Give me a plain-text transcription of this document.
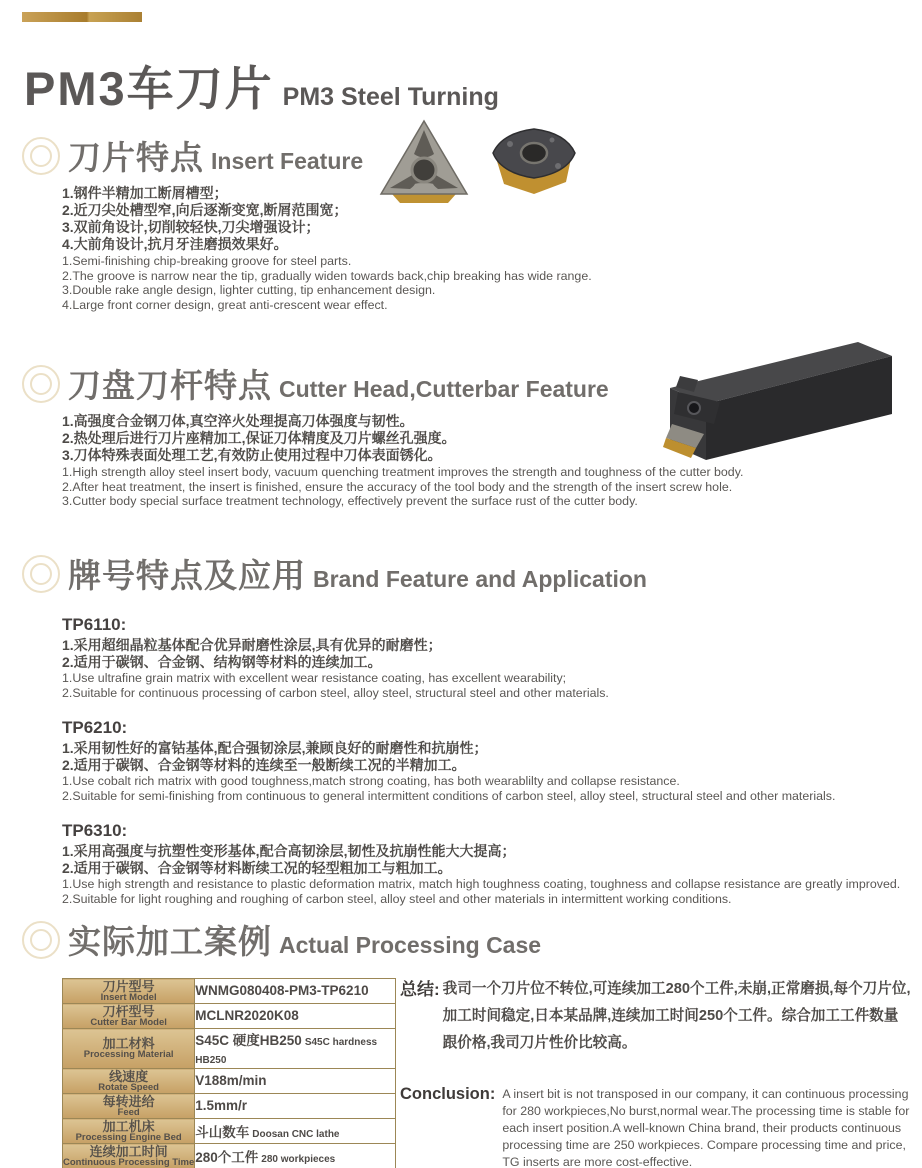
PM3车刀片 PM3 Steel Turning
刀片特点 Insert Feature
1.钢件半精加工断屑槽型；
2.近刀尖处槽型窄,向后逐渐变宽,断屑范围宽；
3.双前角设计,切削较轻快,刀尖增强设计；
4.大前角设计,抗月牙洼磨损效果好。
1.Semi-finishing chip-breaking groove for steel parts.
2.The groove is narrow near the tip, gradually widen towards back,chip breaking has wide range.
3.Double rake angle design, lighter cutting, tip enhancement design.
4.Large front corner design, great anti-crescent wear effect.
刀盘刀杆特点 Cutter Head,Cutterbar Feature
1.高强度合金钢刀体,真空淬火处理提高刀体强度与韧性。
2.热处理后进行刀片座精加工,保证刀体精度及刀片螺丝孔强度。
3.刀体特殊表面处理工艺,有效防止使用过程中刀体表面锈化。
1.High strength alloy steel insert body, vacuum quenching treatment improves the strength and toughness of the cutter body.
2.After heat treatment, the insert is finished, ensure the accuracy of the tool body and the strength of the insert screw hole.
3.Cutter body special surface treatment technology, effectively prevent the surface rust of the cutter body.
牌号特点及应用 Brand Feature and Application
TP6110:
1.采用超细晶粒基体配合优异耐磨性涂层,具有优异的耐磨性；
2.适用于碳钢、合金钢、结构钢等材料的连续加工。
1.Use ultrafine grain matrix with excellent wear resistance coating, has excellent wearability;
2.Suitable for continuous processing of carbon steel, alloy steel, structural steel and other materials.
TP6210:
1.采用韧性好的富钴基体,配合强韧涂层,兼顾良好的耐磨性和抗崩性；
2.适用于碳钢、合金钢等材料的连续至一般断续工况的半精加工。
1.Use cobalt rich matrix with good toughness,match strong coating, has both wearablilty and collapse resistance.
2.Suitable for semi-finishing from continuous to general intermittent conditions of carbon steel, alloy steel, structural steel and other materials.
TP6310:
1.采用高强度与抗塑性变形基体,配合高韧涂层,韧性及抗崩性能大大提高；
2.适用于碳钢、合金钢等材料断续工况的轻型粗加工与粗加工。
1.Use high strength and resistance to plastic deformation matrix, match high toughness coating, toughness and collapse resistance are greatly improved.
2.Suitable for light roughing and roughing of carbon steel, alloy steel and other materials in intermittent working conditions.
实际加工案例 Actual Processing Case
刀片型号
Insert Model	WNMG080408-PM3-TP6210

刀杆型号
Cutter Bar Model	MCLNR2020K08

加工材料
Processing Material	S45C 硬度HB250 S45C hardness HB250

线速度
Rotate Speed	V188m/min

每转进给
Feed	1.5mm/r

加工机床
Processing Engine Bed	斗山数车 Doosan CNC lathe

连续加工时间
Continuous Processing Time	280个工件 280 workpieces
总结: 我司一个刀片位不转位,可连续加工280个工件,未崩,正常磨损,每个刀片位,加工时间稳定,日本某品牌,连续加工时间250个工件。综合加工工件数量跟价格,我司刀片性价比较高。
Conclusion: A insert bit is not transposed in our company, it can continuous processing for 280 workpieces,No burst,normal wear.The processing time is stable for each insert position.A well-known China brand, their products continuous processing time are 250 workpieces. Compare processing time and price, TG inserts are more cost-effective.
